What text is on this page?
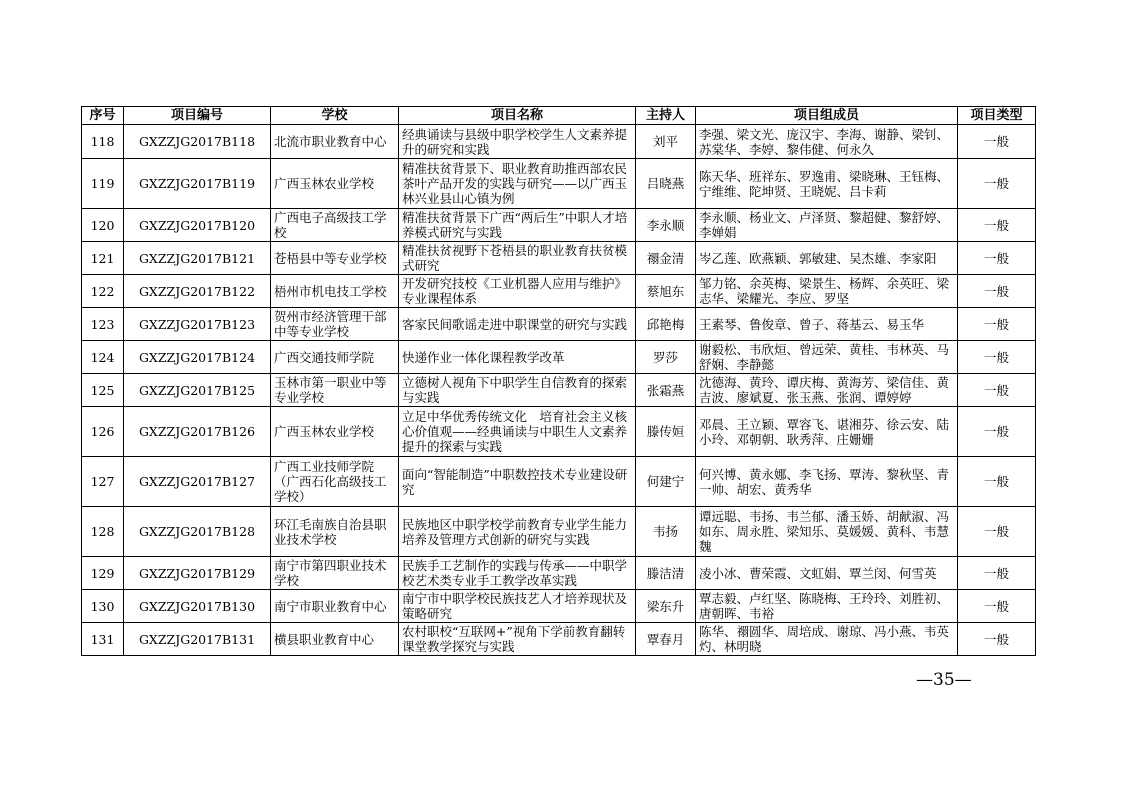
序号	项目编号	学校	项目名称	主持人	项目组成员	项目类型
118	GXZZJG2017B118	北流市职业教育中心	经典诵读与县级中职学校学生人文素养提升的研究和实践	刘平	李强、梁文光、庞汉宇、李海、谢静、梁钊、苏棠华、李婷、黎伟健、何永久	一般
119	GXZZJG2017B119	广西玉林农业学校	精准扶贫背景下、职业教育助推西部农民茶叶产品开发的实践与研究——以广西玉林兴业县山心镇为例	吕晓燕	陈天华、班祥东、罗逸甫、梁晓琳、王钰梅、宁维维、陀坤贤、王晓妮、吕卡莉	一般
120	GXZZJG2017B120	广西电子高级技工学校	精准扶贫背景下广西“两后生”中职人才培养模式研究与实践	李永顺	李永顺、杨业文、卢泽贤、黎超健、黎舒婷、李婵娟	一般
121	GXZZJG2017B121	苍梧县中等专业学校	精准扶贫视野下苍梧县的职业教育扶贫模式研究	禤金清	岑乙莲、欧燕颖、郭敏建、吴杰雄、李家阳	一般
122	GXZZJG2017B122	梧州市机电技工学校	开发研究技校《工业机器人应用与维护》专业课程体系	蔡旭东	邹力铭、余英梅、梁景生、杨辉、余英旺、梁志华、梁耀光、李应、罗坚	一般
123	GXZZJG2017B123	贺州市经济管理干部中等专业学校	客家民间歌谣走进中职课堂的研究与实践	邱艳梅	王素琴、鲁俊章、曾子、蒋基云、易玉华	一般
124	GXZZJG2017B124	广西交通技师学院	快递作业一体化课程教学改革	罗莎	谢毅松、韦欣烜、曾远荣、黄桂、韦林英、马舒娴、李静懿	一般
125	GXZZJG2017B125	玉林市第一职业中等专业学校	立德树人视角下中职学生自信教育的探索与实践	张霜燕	沈德海、黄玲、谭庆梅、黄海芳、梁信佳、黄吉波、廖斌夏、张玉燕、张润、谭婷婷	一般
126	GXZZJG2017B126	广西玉林农业学校	立足中华优秀传统文化　培育社会主义核心价值观——经典诵读与中职生人文素养提升的探索与实践	滕传姮	邓晨、王立颖、覃容飞、谌湘芬、徐云安、陆小玲、邓朝朝、耿秀萍、庄姗姗	一般
127	GXZZJG2017B127	广西工业技师学院（广西石化高级技工学校）	面向“智能制造”中职数控技术专业建设研究	何建宁	何兴博、黄永娜、李飞扬、覃涛、黎秋坚、青一帅、胡宏、黄秀华	一般
128	GXZZJG2017B128	环江毛南族自治县职业技术学校	民族地区中职学校学前教育专业学生能力培养及管理方式创新的研究与实践	韦扬	谭远聪、韦扬、韦兰郁、潘玉娇、胡献淑、冯如东、周永胜、梁知乐、莫媛媛、黄科、韦慧魏	一般
129	GXZZJG2017B129	南宁市第四职业技术学校	民族手工艺制作的实践与传承——中职学校艺术类专业手工教学改革实践	滕洁清	凌小冰、曹荣霞、文虹娟、覃兰闵、何雪英	一般
130	GXZZJG2017B130	南宁市职业教育中心	南宁市中职学校民族技艺人才培养现状及策略研究	梁东升	覃志毅、卢红坚、陈晓梅、王玲玲、刘胜初、唐朝晖、韦裕	一般
131	GXZZJG2017B131	横县职业教育中心	农村职校“互联网+”视角下学前教育翻转课堂教学探究与实践	覃春月	陈华、禤圆华、周培成、谢琼、冯小燕、韦英灼、林明晓	一般
—35—
